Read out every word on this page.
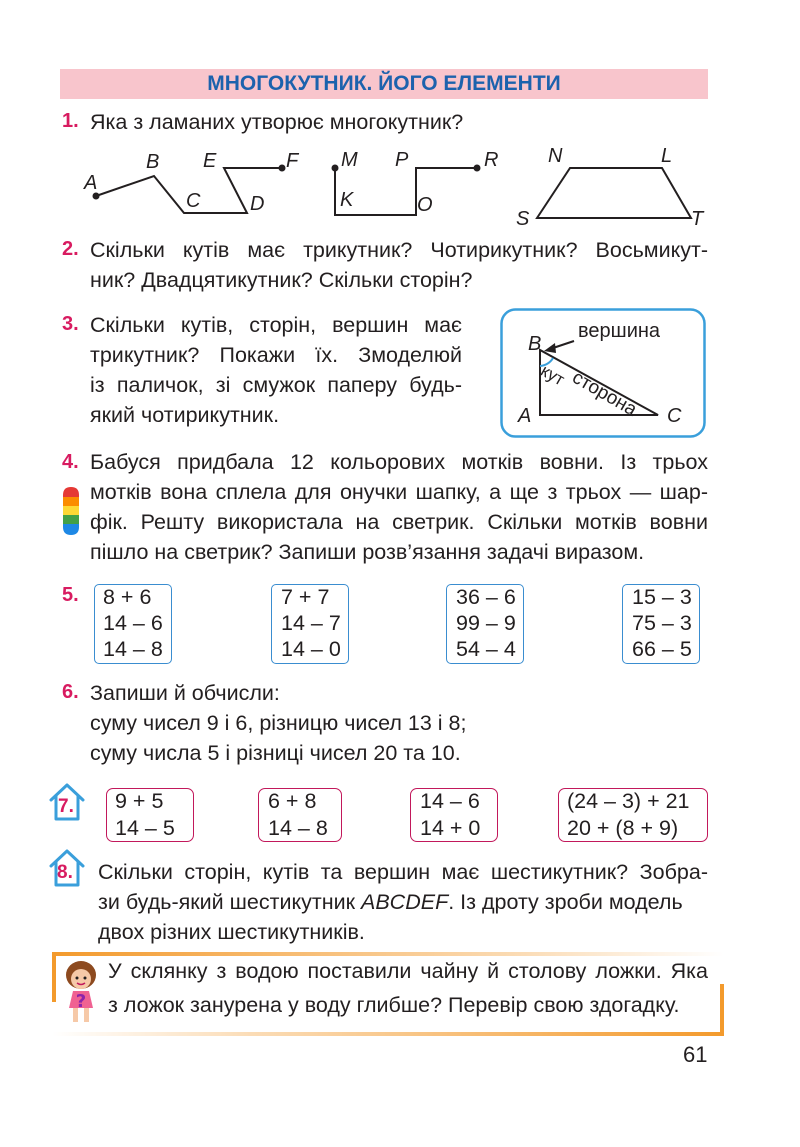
МНОГОКУТНИК. ЙОГО ЕЛЕМЕНТИ
1. Яка з ламаних утворює многокутник?
A
B
C D
E	F M
K
P
O
R N	L
S	T
2. Скільки кутів має трикутник? Чотирикутник? Восьмикут-
ник? Двадцятикутник? Скільки сторін?
3. Скільки кутів, сторін, вершин має
трикутник? Покажи їх. Змоделюй
із паличок, зі смужок паперу будь-
який чотирикутник.
B
A	C
вершина
сторона
кут
4. Бабуся придбала 12 кольорових мотків вовни. Із трьох
мотків вона сплела для онучки шапку, а ще з трьох — шар-
фік. Решту використала на светрик. Скільки мотків вовни
пішло на светрик? Запиши розв’язання задачі виразом.
5. 8 + 6
14 – 6
14 – 8
7 + 7
14 – 7
14 – 0
36 – 6
99 – 9
54 – 4
15 – 3
75 – 3
66 – 5
6. Запиши й обчисли:
суму чисел 9 і 6, різницю чисел 13 і 8;
суму числа 5 і різниці чисел 20 та 10.
7. 9 + 5
14 – 5
6 + 8
14 – 8
14 – 6
14 + 0
(24 – 3) + 21
20 + (8 + 9)
8. Скільки сторін, кутів та вершин має шестикутник? Зобра-
зи будь-який шестикутник ABCDEF. Із дроту зроби модель
двох різних шестикутників.
?
У склянку з водою поставили чайну й столову ложки. Яка
з ложок занурена у воду глибше? Перевір свою здогадку.
61
